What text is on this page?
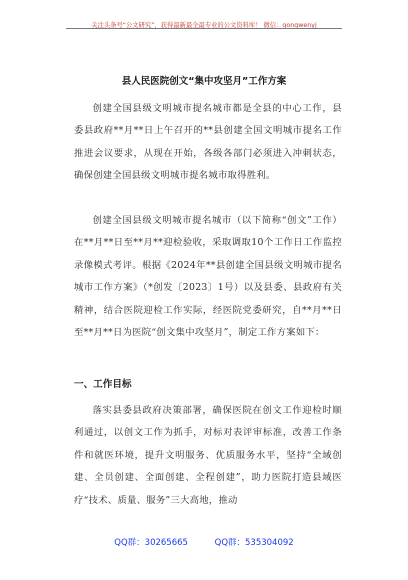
关注头条号“公文研究”，获得最新最全最专业的公文资料库！ 微信：gongwenyj
县人民医院创文“集中攻坚月”工作方案

创建全国县级文明城市提名城市都是全县的中心工作，县委县政府**月**日上午召开的**县创建全国文明城市提名工作推进会议要求，从现在开始，各级各部门必须进入冲刺状态，确保创建全国县级文明城市提名城市取得胜利。

创建全国县级文明城市提名城市（以下简称“创文”工作）在**月**日至**月**迎检验收，采取调取10个工作日工作监控录像模式考评。根据《2024年**县创建全国县级文明城市提名城市工作方案》（*创发〔2023〕1号）以及县委、县政府有关精神，结合医院迎检工作实际，经医院党委研究，自**月**日至**月**日为医院“创文集中攻坚月”，制定工作方案如下：

一、工作目标

落实县委县政府决策部署，确保医院在创文工作迎检时顺利通过，以创文工作为抓手，对标对表评审标准，改善工作条件和就医环境，提升文明服务、优质服务水平，坚持“全域创建、全员创建、全面创建、全程创建”，助力医院打造县域医疗“技术、质量、服务”三大高地，推动

QQ群：30265665	QQ群：535304092
